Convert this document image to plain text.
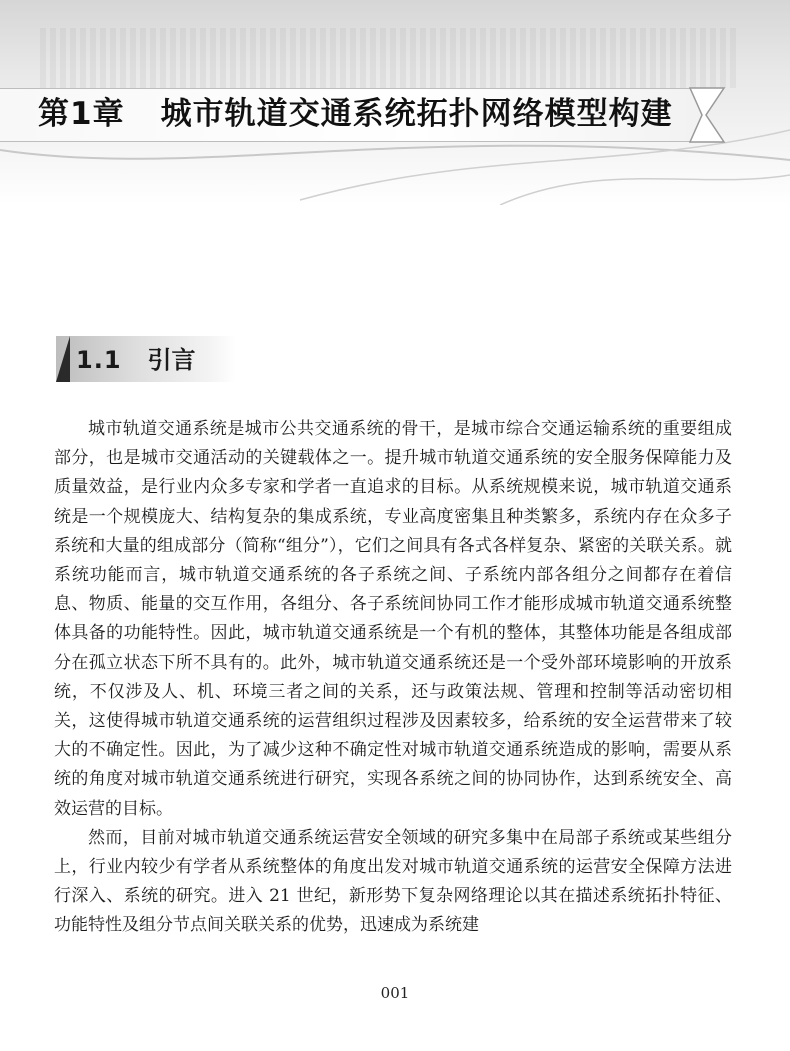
第1章 城市轨道交通系统拓扑网络模型构建
1.1 引言

城市轨道交通系统是城市公共交通系统的骨干，是城市综合交通运输系统的重要组成部分，也是城市交通活动的关键载体之一。提升城市轨道交通系统的安全服务保障能力及质量效益，是行业内众多专家和学者一直追求的目标。从系统规模来说，城市轨道交通系统是一个规模庞大、结构复杂的集成系统，专业高度密集且种类繁多，系统内存在众多子系统和大量的组成部分（简称“组分”），它们之间具有各式各样复杂、紧密的关联关系。就系统功能而言，城市轨道交通系统的各子系统之间、子系统内部各组分之间都存在着信息、物质、能量的交互作用，各组分、各子系统间协同工作才能形成城市轨道交通系统整体具备的功能特性。因此，城市轨道交通系统是一个有机的整体，其整体功能是各组成部分在孤立状态下所不具有的。此外，城市轨道交通系统还是一个受外部环境影响的开放系统，不仅涉及人、机、环境三者之间的关系，还与政策法规、管理和控制等活动密切相关，这使得城市轨道交通系统的运营组织过程涉及因素较多，给系统的安全运营带来了较大的不确定性。因此，为了减少这种不确定性对城市轨道交通系统造成的影响，需要从系统的角度对城市轨道交通系统进行研究，实现各系统之间的协同协作，达到系统安全、高效运营的目标。

然而，目前对城市轨道交通系统运营安全领域的研究多集中在局部子系统或某些组分上，行业内较少有学者从系统整体的角度出发对城市轨道交通系统的运营安全保障方法进行深入、系统的研究。进入 21 世纪，新形势下复杂网络理论以其在描述系统拓扑特征、功能特性及组分节点间关联关系的优势，迅速成为系统建

001
